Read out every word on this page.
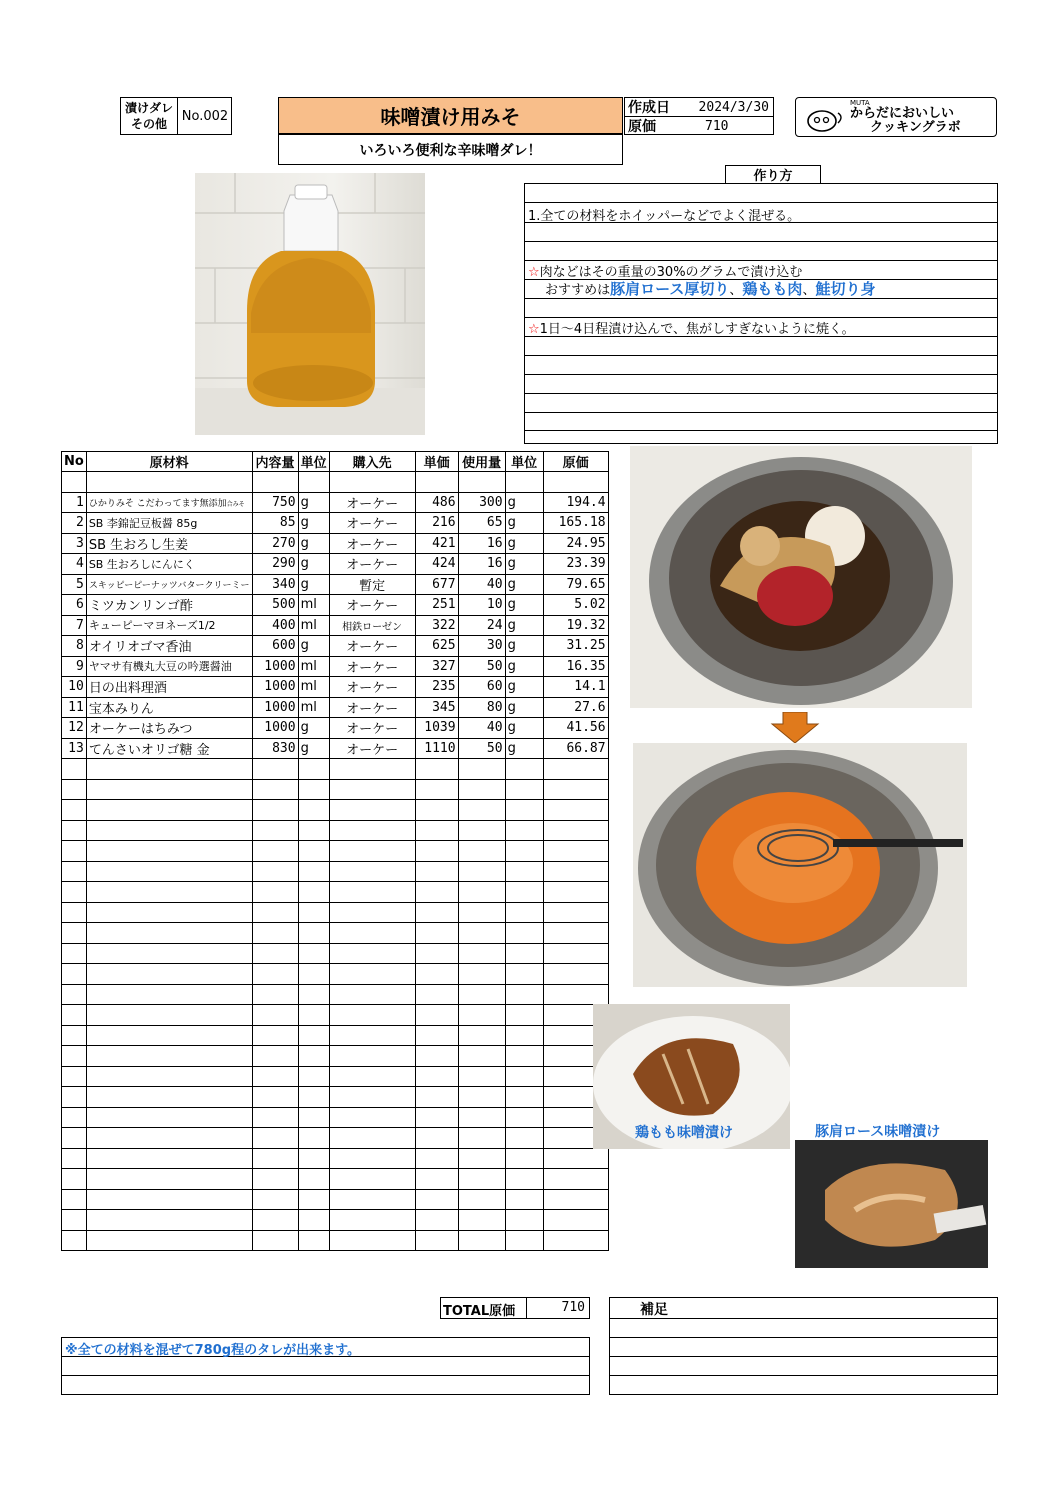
漬けダレ
その他
No.002	味噌漬け用みそ
いろいろ便利な辛味噌ダレ！
作成日	2024/3/30
原価	710
MUTA
からだにおいしい
クッキングラボ
作り方
1.全ての材料をホイッパーなどでよく混ぜる。
☆肉などはその重量の30%のグラムで漬け込む
おすすめは豚肩ロース厚切り、鶏もも肉、鮭切り身
☆1日～4日程漬け込んで、焦がしすぎないように焼く。
No	原材料	内容量	単位	購入先	単価	使用量	単位	原価

1	ひかりみそ こだわってます無添加合みそ	750	g	オーケー	486	300	g	194.4
2	SB 李錦記豆板醤 85g	85	g	オーケー	216	65	g	165.18
3	SB 生おろし生姜	270	g	オーケー	421	16	g	24.95
4	SB 生おろしにんにく	290	g	オーケー	424	16	g	23.39
5	スキッピーピーナッツバタークリーミー	340	g	暫定	677	40	g	79.65
6	ミツカンリンゴ酢	500	ml	オーケー	251	10	g	5.02
7	キューピーマヨネーズ1/2	400	ml	相鉄ローゼン	322	24	g	19.32
8	オイリオゴマ香油	600	g	オーケー	625	30	g	31.25
9	ヤマサ有機丸大豆の吟選醤油	1000	ml	オーケー	327	50	g	16.35
10	日の出料理酒	1000	ml	オーケー	235	60	g	14.1
11	宝本みりん	1000	ml	オーケー	345	80	g	27.6
12	オーケーはちみつ	1000	g	オーケー	1039	40	g	41.56
13	てんさいオリゴ糖 金	830	g	オーケー	1110	50	g	66.87

TOTAL原価	710
※全ての材料を混ぜて780g程のタレが出来ます。
補足
鶏もも味噌漬け	豚肩ロース味噌漬け
